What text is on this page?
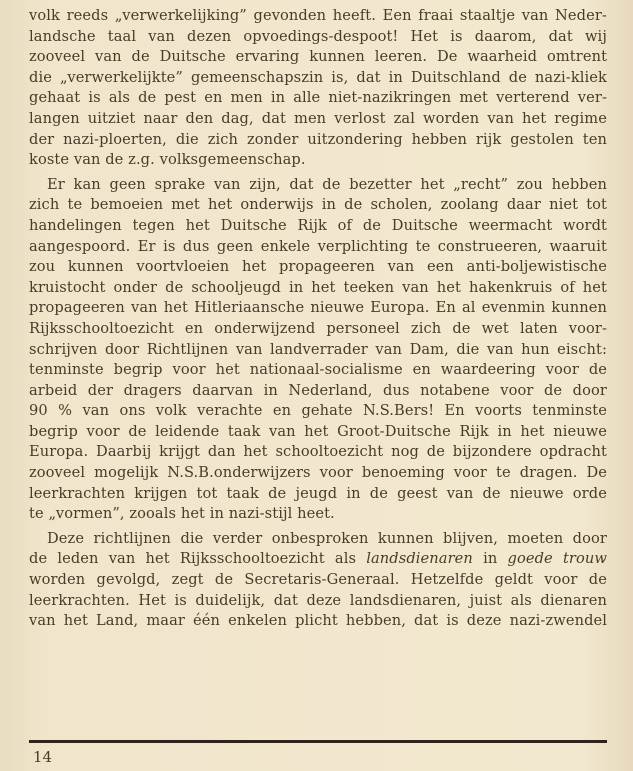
volk reeds „verwerkelijking” gevonden heeft. Een fraai staaltje van Neder-
landsche taal van dezen opvoedings-despoot! Het is daarom, dat wij
zooveel van de Duitsche ervaring kunnen leeren. De waarheid omtrent
die „verwerkelijkte” gemeenschapszin is, dat in Duitschland de nazi-kliek
gehaat is als de pest en men in alle niet-nazikringen met verterend ver-
langen uitziet naar den dag, dat men verlost zal worden van het regime
der nazi-ploerten, die zich zonder uitzondering hebben rijk gestolen ten
koste van de z.g. volksgemeenschap.
Er kan geen sprake van zijn, dat de bezetter het „recht” zou hebben
zich te bemoeien met het onderwijs in de scholen, zoolang daar niet tot
handelingen tegen het Duitsche Rijk of de Duitsche weermacht wordt
aangespoord. Er is dus geen enkele verplichting te construeeren, waaruit
zou kunnen voortvloeien het propageeren van een anti-boljewistische
kruistocht onder de schooljeugd in het teeken van het hakenkruis of het
propageeren van het Hitleriaansche nieuwe Europa. En al evenmin kunnen
Rijksschooltoezicht en onderwijzend personeel zich de wet laten voor-
schrijven door Richtlijnen van landverrader van Dam, die van hun eischt:
tenminste begrip voor het nationaal-socialisme en waardeering voor de
arbeid der dragers daarvan in Nederland, dus notabene voor de door
90 % van ons volk verachte en gehate N.S.Bers! En voorts tenminste
begrip voor de leidende taak van het Groot-Duitsche Rijk in het nieuwe
Europa. Daarbij krijgt dan het schooltoezicht nog de bijzondere opdracht
zooveel mogelijk N.S.B.onderwijzers voor benoeming voor te dragen. De
leerkrachten krijgen tot taak de jeugd in de geest van de nieuwe orde
te „vormen”, zooals het in nazi-stijl heet.
Deze richtlijnen die verder onbesproken kunnen blijven, moeten door
de leden van het Rijksschooltoezicht als landsdienaren in goede trouw
worden gevolgd, zegt de Secretaris-Generaal. Hetzelfde geldt voor de
leerkrachten. Het is duidelijk, dat deze landsdienaren, juist als dienaren
van het Land, maar één enkelen plicht hebben, dat is deze nazi-zwendel
14
